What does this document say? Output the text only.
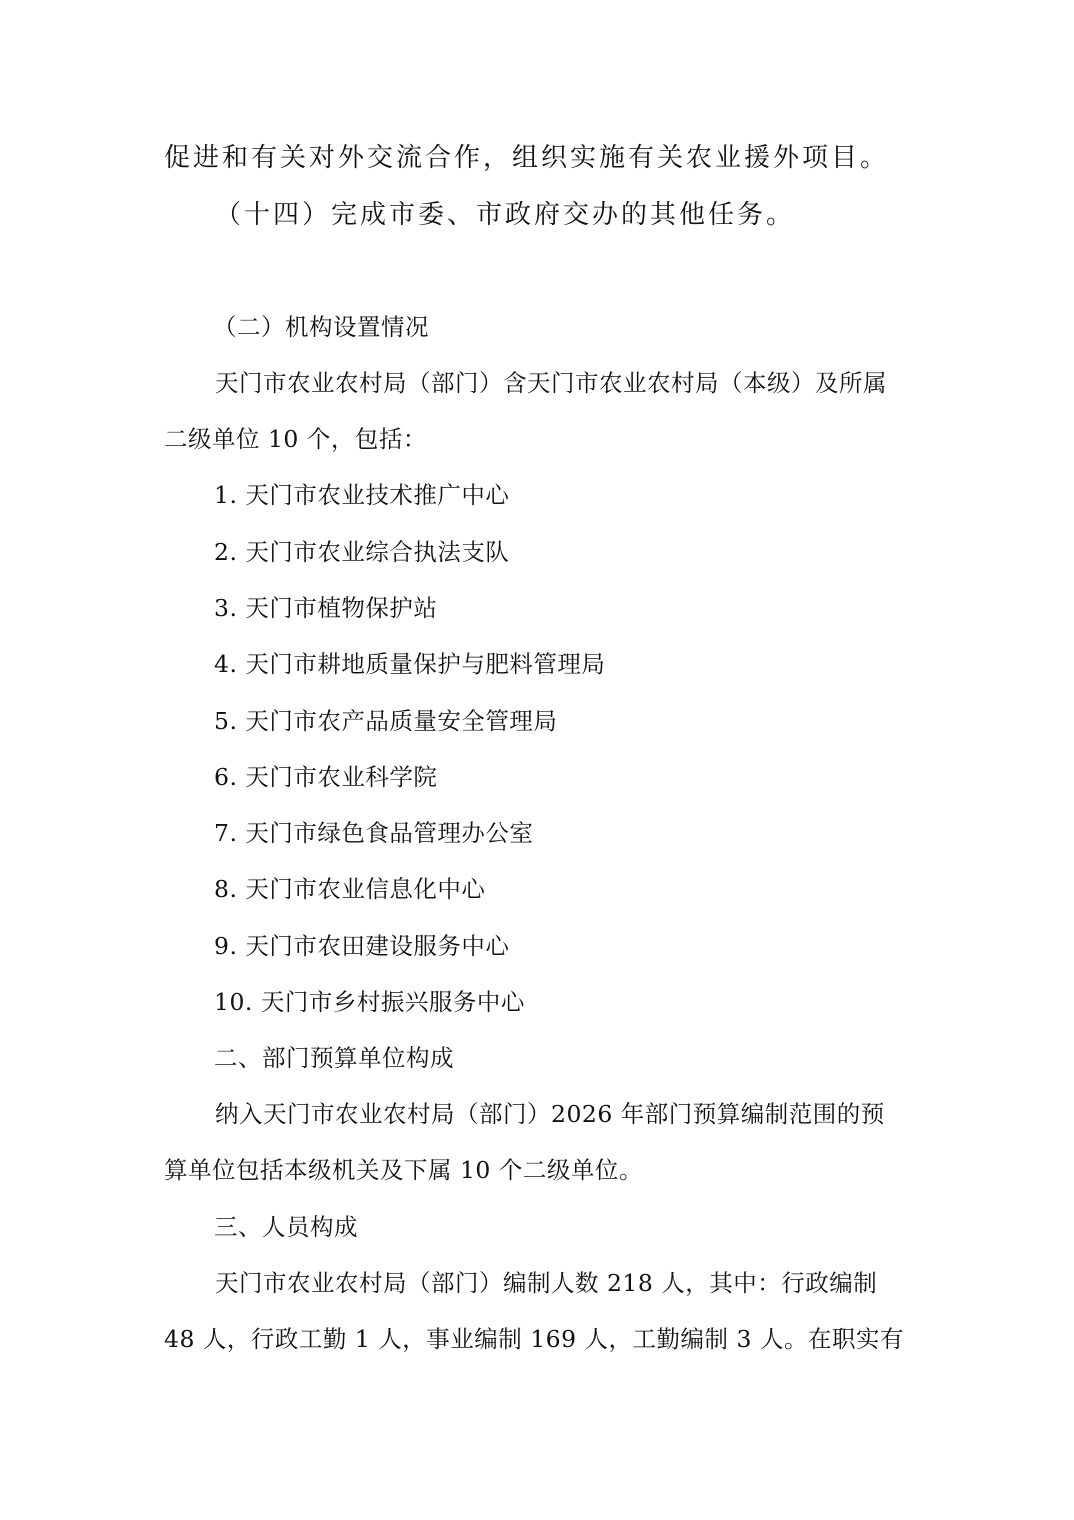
促进和有关对外交流合作，组织实施有关农业援外项目。

（十四）完成市委、市政府交办的其他任务。

（二）机构设置情况

天门市农业农村局（部门）含天门市农业农村局（本级）及所属

二级单位 10 个，包括：

1. 天门市农业技术推广中心

2. 天门市农业综合执法支队

3. 天门市植物保护站

4. 天门市耕地质量保护与肥料管理局

5. 天门市农产品质量安全管理局

6. 天门市农业科学院

7. 天门市绿色食品管理办公室

8. 天门市农业信息化中心

9. 天门市农田建设服务中心

10. 天门市乡村振兴服务中心

二、部门预算单位构成

纳入天门市农业农村局（部门）2026 年部门预算编制范围的预

算单位包括本级机关及下属 10 个二级单位。

三、人员构成

天门市农业农村局（部门）编制人数 218 人，其中：行政编制

48 人，行政工勤 1 人，事业编制 169 人，工勤编制 3 人。在职实有
